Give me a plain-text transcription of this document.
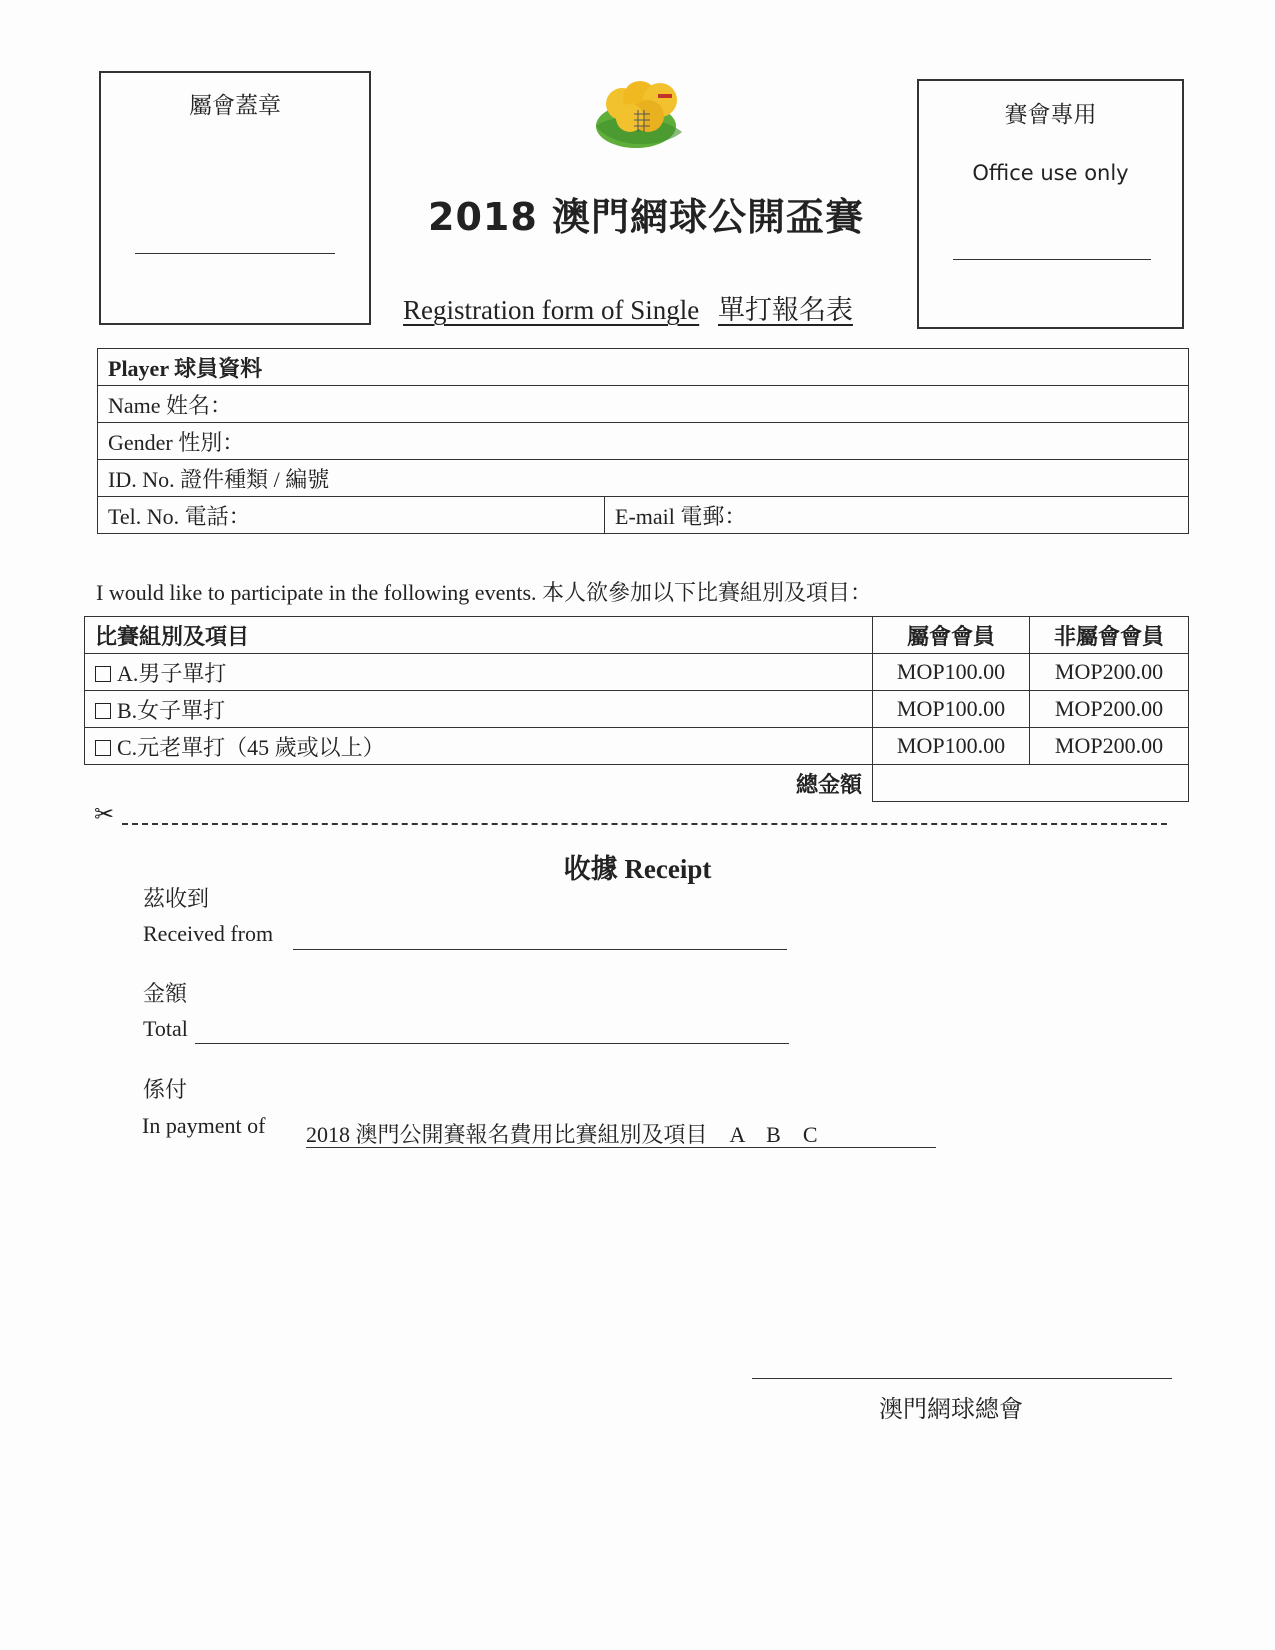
屬會蓋章
2018 澳門網球公開盃賽
Registration form of Single 單打報名表
賽會專用
Office use only
Player 球員資料
Name 姓名：
Gender 性別：
ID. No. 證件種類 / 編號
Tel. No. 電話：	E-mail 電郵：
I would like to participate in the following events. 本人欲參加以下比賽組別及項目：
比賽組別及項目	屬會會員	非屬會會員
A.男子單打	MOP100.00	MOP200.00
B.女子單打	MOP100.00	MOP200.00
C.元老單打（45 歲或以上）	MOP100.00	MOP200.00
總金額		
✂
收據 Receipt
茲收到
Received from
金額
Total
係付
In payment of 2018 澳門公開賽報名費用比賽組別及項目    A    B    C
澳門網球總會
